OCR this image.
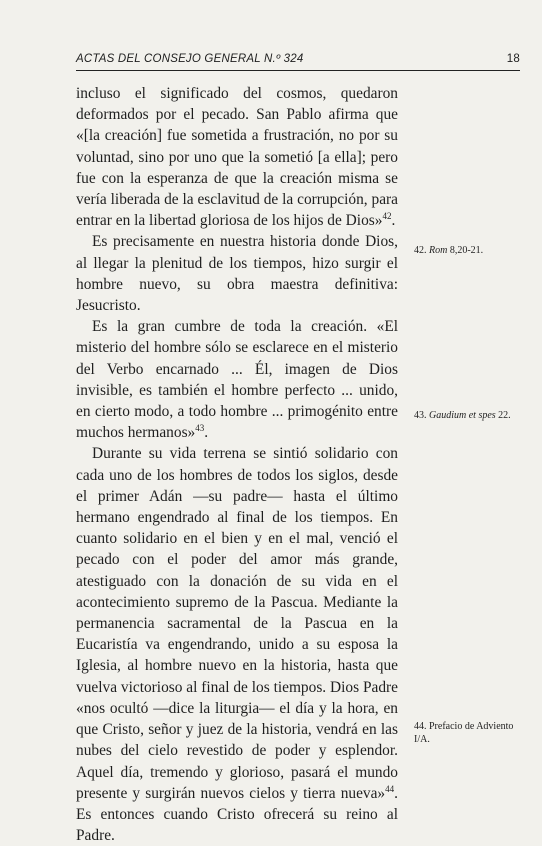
ACTAS DEL CONSEJO GENERAL N.º 324	18

incluso el significado del cosmos, quedaron deformados por el pecado. San Pablo afirma que «[la creación] fue sometida a frustración, no por su voluntad, sino por uno que la sometió [a ella]; pero fue con la esperanza de que la creación misma se vería liberada de la esclavitud de la corrupción, para entrar en la libertad gloriosa de los hijos de Dios»$^{42}$.

Es precisamente en nuestra historia donde Dios, al llegar la plenitud de los tiempos, hizo surgir el hombre nuevo, su obra maestra definitiva: Jesucristo.

Es la gran cumbre de toda la creación. «El misterio del hombre sólo se esclarece en el misterio del Verbo encarnado ... Él, imagen de Dios invisible, es también el hombre perfecto ... unido, en cierto modo, a todo hombre ... primogénito entre muchos hermanos»$^{43}$.

Durante su vida terrena se sintió solidario con cada uno de los hombres de todos los siglos, desde el primer Adán —su padre— hasta el último hermano engendrado al final de los tiempos. En cuanto solidario en el bien y en el mal, venció el pecado con el poder del amor más grande, atestiguado con la donación de su vida en el acontecimiento supremo de la Pascua. Mediante la permanencia sacramental de la Pascua en la Eucaristía va engendrando, unido a su esposa la Iglesia, al hombre nuevo en la historia, hasta que vuelva victorioso al final de los tiempos. Dios Padre «nos ocultó —dice la liturgia— el día y la hora, en que Cristo, señor y juez de la historia, vendrá en las nubes del cielo revestido de poder y esplendor. Aquel día, tremendo y glorioso, pasará el mundo presente y surgirán nuevos cielos y tierra nueva»$^{44}$. Es entonces cuando Cristo ofrecerá su reino al Padre.

42. Rom 8,20-21.
43. Gaudium et spes 22.
44. Prefacio de Adviento I/A.
